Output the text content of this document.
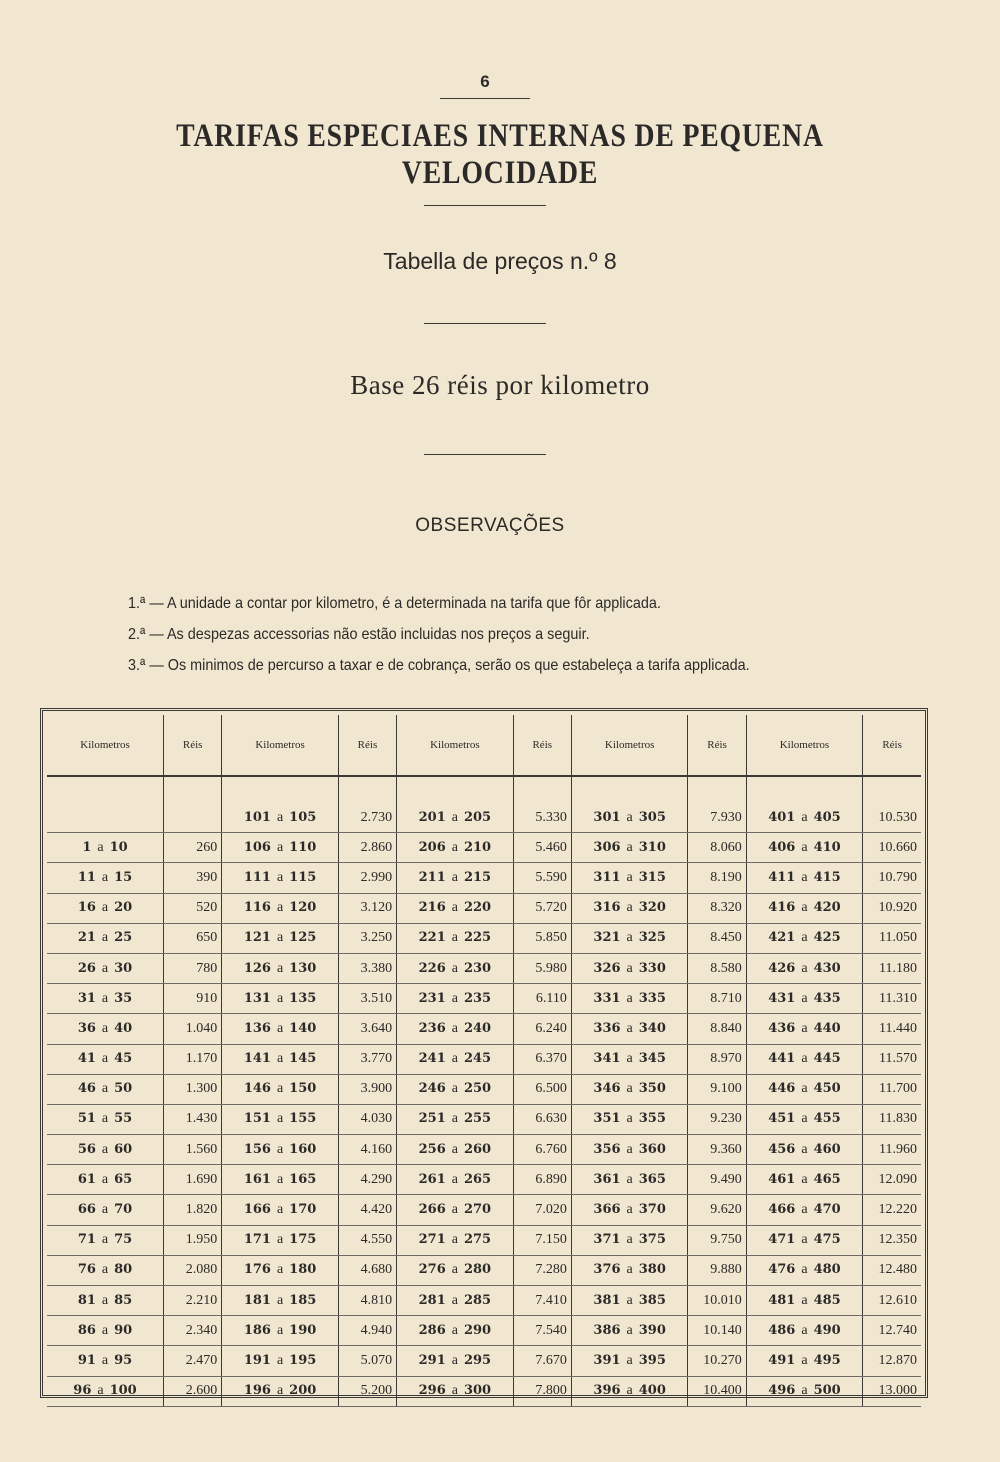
6
TARIFAS ESPECIAES INTERNAS DE PEQUENA VELOCIDADE
Tabella de preços n.º 8
Base 26 réis por kilometro
OBSERVAÇÕES
1.ª — A unidade a contar por kilometro, é a determinada na tarifa que fôr applicada.
2.ª — As despezas accessorias não estão incluidas nos preços a seguir.
3.ª — Os minimos de percurso a taxar e de cobrança, serão os que estabeleça a tarifa applicada.
Kilometros	Réis	Kilometros	Réis	Kilometros	Réis	Kilometros	Réis	Kilometros	Réis

		101 a 105	2.730	201 a 205	5.330	301 a 305	7.930	401 a 405	10.530
1 a 10	260	106 a 110	2.860	206 a 210	5.460	306 a 310	8.060	406 a 410	10.660
11 a 15	390	111 a 115	2.990	211 a 215	5.590	311 a 315	8.190	411 a 415	10.790
16 a 20	520	116 a 120	3.120	216 a 220	5.720	316 a 320	8.320	416 a 420	10.920
21 a 25	650	121 a 125	3.250	221 a 225	5.850	321 a 325	8.450	421 a 425	11.050
26 a 30	780	126 a 130	3.380	226 a 230	5.980	326 a 330	8.580	426 a 430	11.180
31 a 35	910	131 a 135	3.510	231 a 235	6.110	331 a 335	8.710	431 a 435	11.310
36 a 40	1.040	136 a 140	3.640	236 a 240	6.240	336 a 340	8.840	436 a 440	11.440
41 a 45	1.170	141 a 145	3.770	241 a 245	6.370	341 a 345	8.970	441 a 445	11.570
46 a 50	1.300	146 a 150	3.900	246 a 250	6.500	346 a 350	9.100	446 a 450	11.700
51 a 55	1.430	151 a 155	4.030	251 a 255	6.630	351 a 355	9.230	451 a 455	11.830
56 a 60	1.560	156 a 160	4.160	256 a 260	6.760	356 a 360	9.360	456 a 460	11.960
61 a 65	1.690	161 a 165	4.290	261 a 265	6.890	361 a 365	9.490	461 a 465	12.090
66 a 70	1.820	166 a 170	4.420	266 a 270	7.020	366 a 370	9.620	466 a 470	12.220
71 a 75	1.950	171 a 175	4.550	271 a 275	7.150	371 a 375	9.750	471 a 475	12.350
76 a 80	2.080	176 a 180	4.680	276 a 280	7.280	376 a 380	9.880	476 a 480	12.480
81 a 85	2.210	181 a 185	4.810	281 a 285	7.410	381 a 385	10.010	481 a 485	12.610
86 a 90	2.340	186 a 190	4.940	286 a 290	7.540	386 a 390	10.140	486 a 490	12.740
91 a 95	2.470	191 a 195	5.070	291 a 295	7.670	391 a 395	10.270	491 a 495	12.870
96 a 100	2.600	196 a 200	5.200	296 a 300	7.800	396 a 400	10.400	496 a 500	13.000
